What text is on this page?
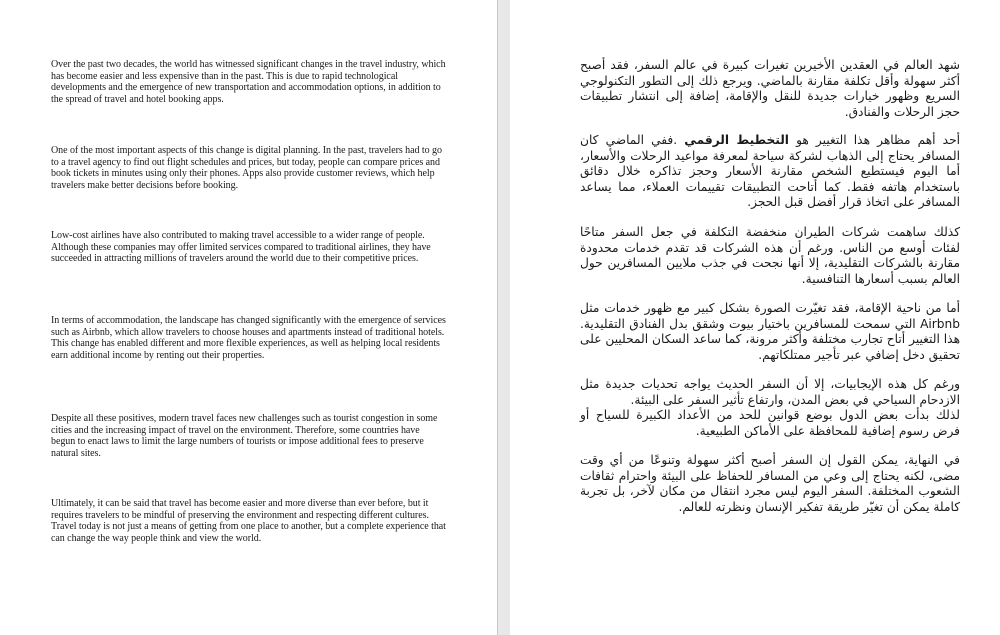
Over the past two decades, the world has witnessed significant changes in the travel industry, which has become easier and less expensive than in the past. This is due to rapid technological developments and the emergence of new transportation and accommodation options, in addition to the spread of travel and hotel booking apps.

One of the most important aspects of this change is digital planning. In the past, travelers had to go to a travel agency to find out flight schedules and prices, but today, people can compare prices and book tickets in minutes using only their phones. Apps also provide customer reviews, which help travelers make better decisions before booking.

Low-cost airlines have also contributed to making travel accessible to a wider range of people. Although these companies may offer limited services compared to traditional airlines, they have succeeded in attracting millions of travelers around the world due to their competitive prices.

In terms of accommodation, the landscape has changed significantly with the emergence of services such as Airbnb, which allow travelers to choose houses and apartments instead of traditional hotels. This change has enabled different and more flexible experiences, as well as helping local residents earn additional income by renting out their properties.

Despite all these positives, modern travel faces new challenges such as tourist congestion in some cities and the increasing impact of travel on the environment. Therefore, some countries have begun to enact laws to limit the large numbers of tourists or impose additional fees to preserve natural sites.

Ultimately, it can be said that travel has become easier and more diverse than ever before, but it requires travelers to be mindful of preserving the environment and respecting different cultures. Travel today is not just a means of getting from one place to another, but a complete experience that can change the way people think and view the world.

شهد العالم في العقدين الأخيرين تغيرات كبيرة في عالم السفر، فقد أصبح أكثر سهولة وأقل تكلفة مقارنة بالماضي. ويرجع ذلك إلى التطور التكنولوجي السريع وظهور خيارات جديدة للنقل والإقامة، إضافة إلى انتشار تطبيقات حجز الرحلات والفنادق.

أحد أهم مظاهر هذا التغيير هو التخطيط الرقمي .ففي الماضي كان المسافر يحتاج إلى الذهاب لشركة سياحة لمعرفة مواعيد الرحلات والأسعار، أما اليوم فيستطيع الشخص مقارنة الأسعار وحجز تذاكره خلال دقائق باستخدام هاتفه فقط. كما أتاحت التطبيقات تقييمات العملاء، مما يساعد المسافر على اتخاذ قرار أفضل قبل الحجز.

كذلك ساهمت شركات الطيران منخفضة التكلفة في جعل السفر متاحًا لفئات أوسع من الناس. ورغم أن هذه الشركات قد تقدم خدمات محدودة مقارنة بالشركات التقليدية، إلا أنها نجحت في جذب ملايين المسافرين حول العالم بسبب أسعارها التنافسية.

أما من ناحية الإقامة، فقد تغيّرت الصورة بشكل كبير مع ظهور خدمات مثل Airbnb التي سمحت للمسافرين باختيار بيوت وشقق بدل الفنادق التقليدية. هذا التغيير أتاح تجارب مختلفة وأكثر مرونة، كما ساعد السكان المحليين على تحقيق دخل إضافي عبر تأجير ممتلكاتهم.

ورغم كل هذه الإيجابيات، إلا أن السفر الحديث يواجه تحديات جديدة مثل الازدحام السياحي في بعض المدن، وارتفاع تأثير السفر على البيئة.
لذلك بدأت بعض الدول بوضع قوانين للحد من الأعداد الكبيرة للسياح أو فرض رسوم إضافية للمحافظة على الأماكن الطبيعية.

في النهاية، يمكن القول إن السفر أصبح أكثر سهولة وتنوعًا من أي وقت مضى، لكنه يحتاج إلى وعي من المسافر للحفاظ على البيئة واحترام ثقافات الشعوب المختلفة. السفر اليوم ليس مجرد انتقال من مكان لآخر، بل تجربة كاملة يمكن أن تغيّر طريقة تفكير الإنسان ونظرته للعالم.
